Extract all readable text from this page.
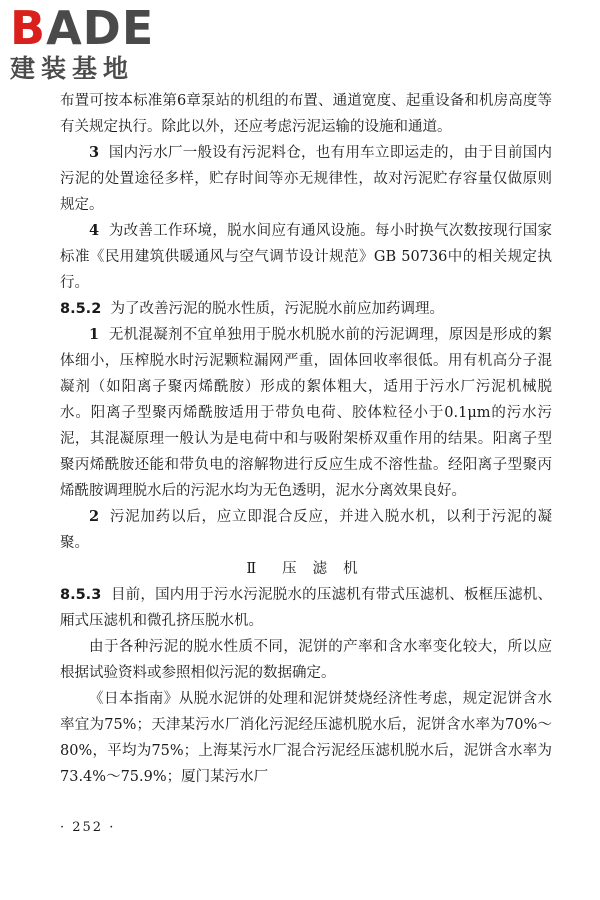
BADE
建装基地

布置可按本标准第6章泵站的机组的布置、通道宽度、起重设备和机房高度等有关规定执行。除此以外，还应考虑污泥运输的设施和通道。

3 国内污水厂一般设有污泥料仓，也有用车立即运走的，由于目前国内污泥的处置途径多样，贮存时间等亦无规律性，故对污泥贮存容量仅做原则规定。

4 为改善工作环境，脱水间应有通风设施。每小时换气次数按现行国家标准《民用建筑供暖通风与空气调节设计规范》GB 50736中的相关规定执行。

8.5.2 为了改善污泥的脱水性质，污泥脱水前应加药调理。

1 无机混凝剂不宜单独用于脱水机脱水前的污泥调理，原因是形成的絮体细小，压榨脱水时污泥颗粒漏网严重，固体回收率很低。用有机高分子混凝剂（如阳离子聚丙烯酰胺）形成的絮体粗大，适用于污水厂污泥机械脱水。阳离子型聚丙烯酰胺适用于带负电荷、胶体粒径小于0.1μm的污水污泥，其混凝原理一般认为是电荷中和与吸附架桥双重作用的结果。阳离子型聚丙烯酰胺还能和带负电的溶解物进行反应生成不溶性盐。经阳离子型聚丙烯酰胺调理脱水后的污泥水均为无色透明，泥水分离效果良好。

2 污泥加药以后，应立即混合反应，并进入脱水机，以利于污泥的凝聚。

Ⅱ 压 滤 机

8.5.3 目前，国内用于污水污泥脱水的压滤机有带式压滤机、板框压滤机、厢式压滤机和微孔挤压脱水机。

由于各种污泥的脱水性质不同，泥饼的产率和含水率变化较大，所以应根据试验资料或参照相似污泥的数据确定。

《日本指南》从脱水泥饼的处理和泥饼焚烧经济性考虑，规定泥饼含水率宜为75%；天津某污水厂消化污泥经压滤机脱水后，泥饼含水率为70%～80%，平均为75%；上海某污水厂混合污泥经压滤机脱水后，泥饼含水率为73.4%～75.9%；厦门某污水厂

· 252 ·
